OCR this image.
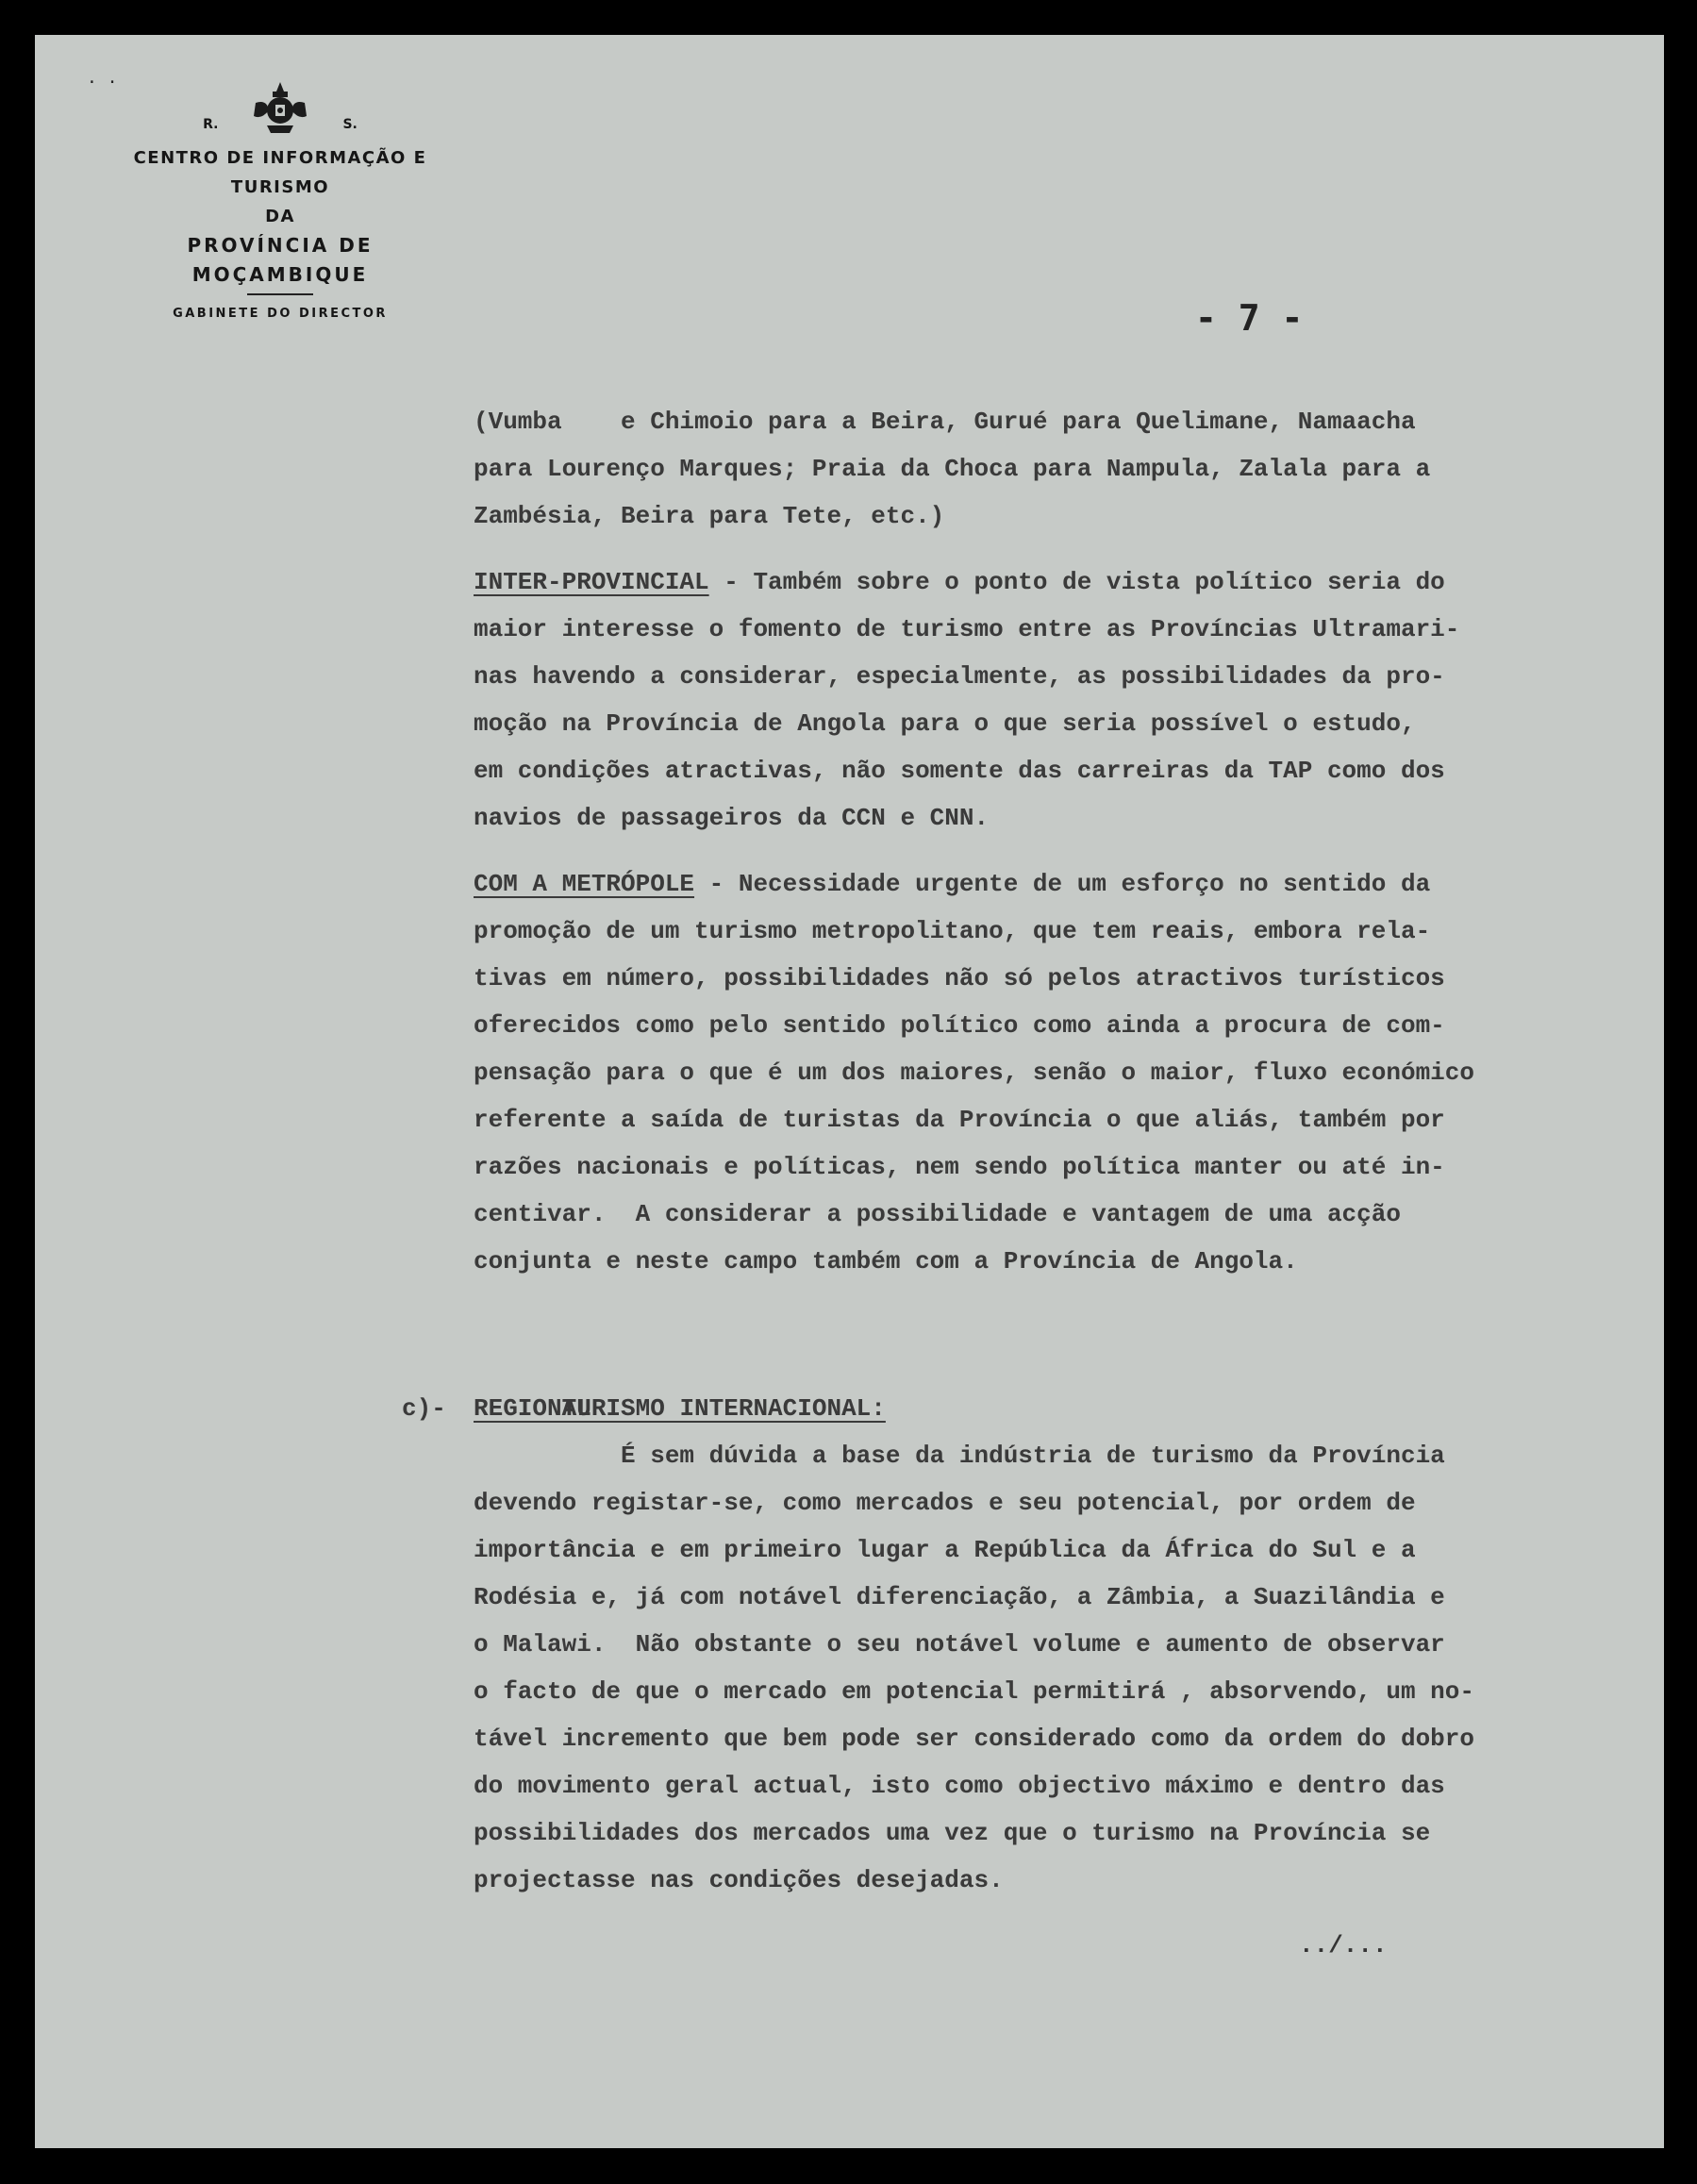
· ·
R.	S.
CENTRO DE INFORMAÇÃO E TURISMO
DA
PROVÍNCIA DE MOÇAMBIQUE
GABINETE DO DIRECTOR	- 7 -
(Vumba    e Chimoio para a Beira, Gurué para Quelimane, Namaacha
para Lourenço Marques; Praia da Choca para Nampula, Zalala para a
Zambésia, Beira para Tete, etc.)
INTER-PROVINCIAL - Também sobre o ponto de vista político seria do
maior interesse o fomento de turismo entre as Províncias Ultramari-
nas havendo a considerar, especialmente, as possibilidades da pro-
moção na Província de Angola para o que seria possível o estudo,
em condições atractivas, não somente das carreiras da TAP como dos
navios de passageiros da CCN e CNN.
COM A METRÓPOLE - Necessidade urgente de um esforço no sentido da
promoção de um turismo metropolitano, que tem reais, embora rela-
tivas em número, possibilidades não só pelos atractivos turísticos
oferecidos como pelo sentido político como ainda a procura de com-
pensação para o que é um dos maiores, senão o maior, fluxo económico
referente a saída de turistas da Província o que aliás, também por
razões nacionais e políticas, nem sendo política manter ou até in-
centivar.  A considerar a possibilidade e vantagem de uma acção
conjunta e neste campo também com a Província de Angola.

c)-	TURISMO INTERNACIONAL:

REGIONAL
É sem dúvida a base da indústria de turismo da Província
devendo registar-se, como mercados e seu potencial, por ordem de
importância e em primeiro lugar a República da África do Sul e a
Rodésia e, já com notável diferenciação, a Zâmbia, a Suazilândia e
o Malawi.  Não obstante o seu notável volume e aumento de observar
o facto de que o mercado em potencial permitirá , absorvendo, um no-
tável incremento que bem pode ser considerado como da ordem do dobro
do movimento geral actual, isto como objectivo máximo e dentro das
possibilidades dos mercados uma vez que o turismo na Província se
projectasse nas condições desejadas.
../...
